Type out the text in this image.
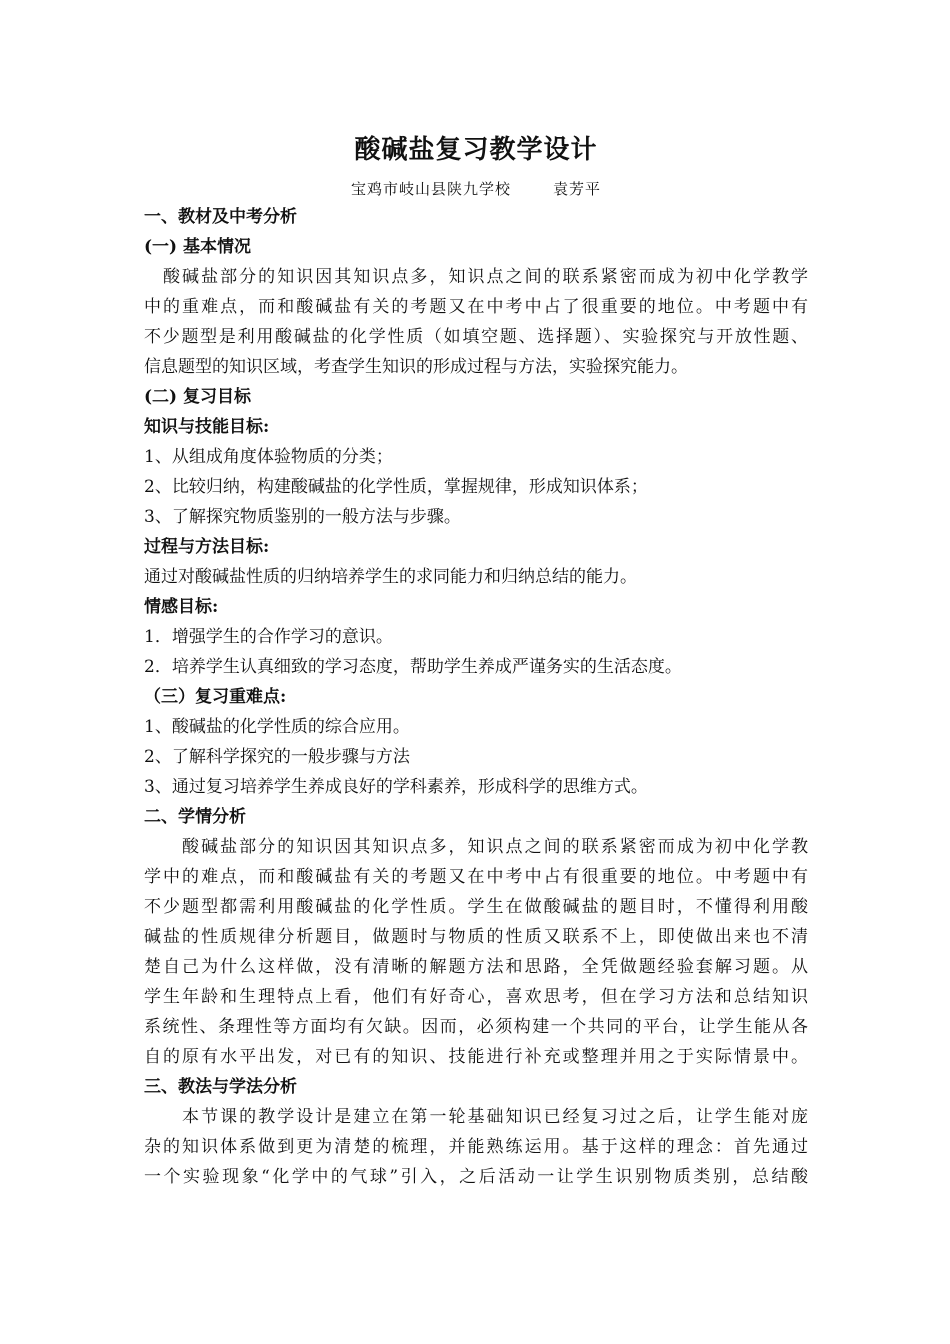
酸碱盐复习教学设计
宝鸡市岐山县陕九学校	袁芳平
一、教材及中考分析
(一) 基本情况
　酸碱盐部分的知识因其知识点多，知识点之间的联系紧密而成为初中化学教学
中的重难点，而和酸碱盐有关的考题又在中考中占了很重要的地位。中考题中有
不少题型是利用酸碱盐的化学性质（如填空题、选择题）、实验探究与开放性题、
信息题型的知识区域，考查学生知识的形成过程与方法，实验探究能力。
(二) 复习目标
知识与技能目标:
1、从组成角度体验物质的分类；
2、比较归纳，构建酸碱盐的化学性质，掌握规律，形成知识体系；
3、了解探究物质鉴别的一般方法与步骤。
过程与方法目标:
通过对酸碱盐性质的归纳培养学生的求同能力和归纳总结的能力。
情感目标:
1．增强学生的合作学习的意识。
2．培养学生认真细致的学习态度，帮助学生养成严谨务实的生活态度。
（三）复习重难点:
1、酸碱盐的化学性质的综合应用。
2、了解科学探究的一般步骤与方法
3、通过复习培养学生养成良好的学科素养，形成科学的思维方式。
二、学情分析
　　酸碱盐部分的知识因其知识点多，知识点之间的联系紧密而成为初中化学教
学中的难点，而和酸碱盐有关的考题又在中考中占有很重要的地位。中考题中有
不少题型都需利用酸碱盐的化学性质。学生在做酸碱盐的题目时，不懂得利用酸
碱盐的性质规律分析题目，做题时与物质的性质又联系不上，即使做出来也不清
楚自己为什么这样做，没有清晰的解题方法和思路，全凭做题经验套解习题。从
学生年龄和生理特点上看，他们有好奇心，喜欢思考，但在学习方法和总结知识
系统性、条理性等方面均有欠缺。因而，必须构建一个共同的平台，让学生能从各
自的原有水平出发，对已有的知识、技能进行补充或整理并用之于实际情景中。
三、教法与学法分析
　　本节课的教学设计是建立在第一轮基础知识已经复习过之后，让学生能对庞
杂的知识体系做到更为清楚的梳理，并能熟练运用。基于这样的理念：首先通过
一个实验现象“化学中的气球”引入，之后活动一让学生识别物质类别，总结酸
